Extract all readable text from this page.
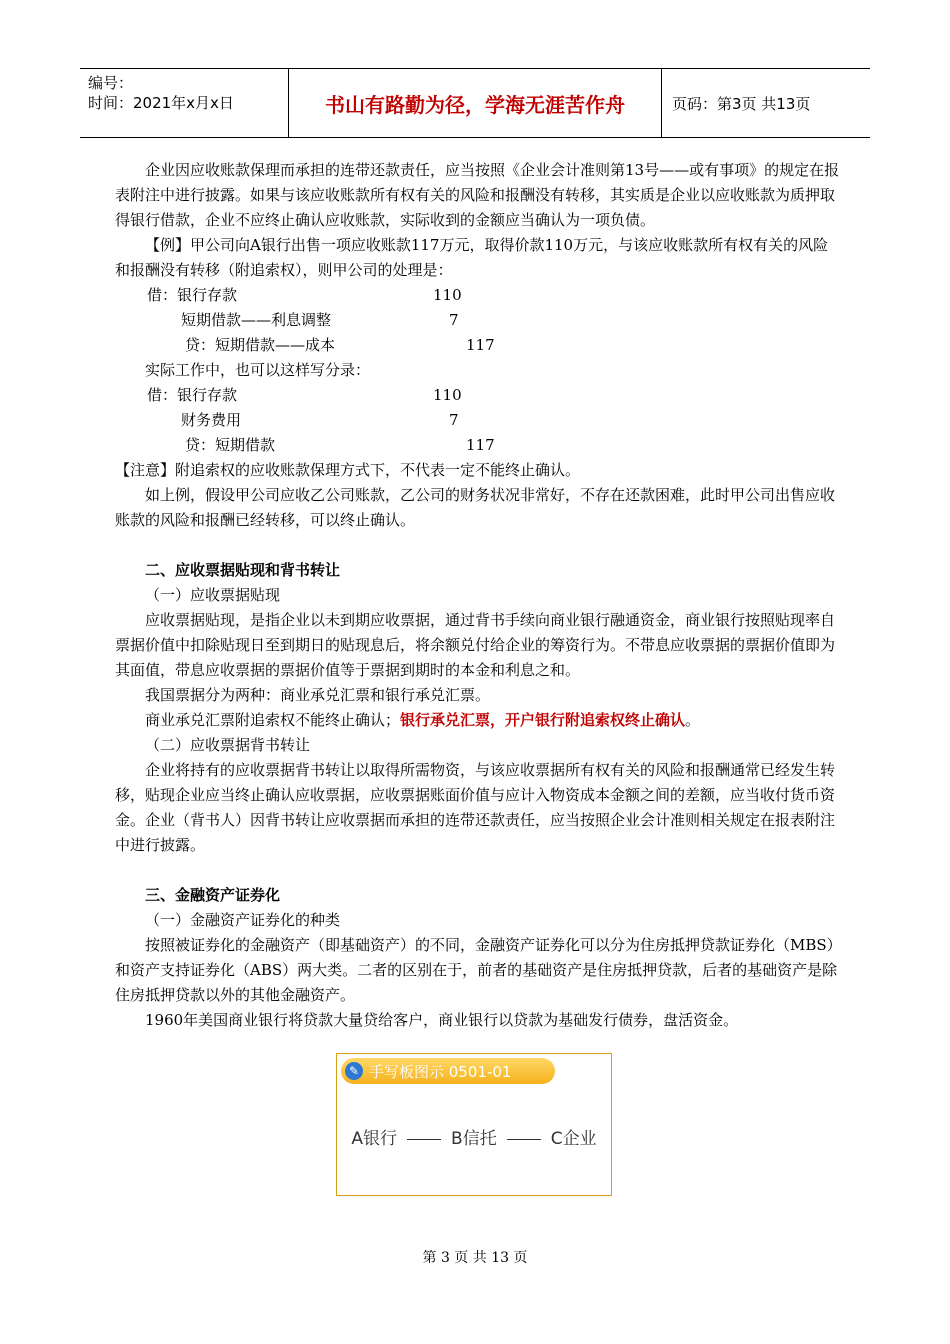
编号：
时间：2021年x月x日	书山有路勤为径，学海无涯苦作舟	页码：第3页 共13页

企业因应收账款保理而承担的连带还款责任，应当按照《企业会计准则第13号——或有事项》的规定在报表附注中进行披露。如果与该应收账款所有权有关的风险和报酬没有转移，其实质是企业以应收账款为质押取得银行借款，企业不应终止确认应收账款，实际收到的金额应当确认为一项负债。

【例】甲公司向A银行出售一项应收账款117万元，取得价款110万元，与该应收账款所有权有关的风险和报酬没有转移（附追索权），则甲公司的处理是：

借：银行存款	110
短期借款——利息调整	7
贷：短期借款——成本	117

实际工作中，也可以这样写分录：

借：银行存款	110
财务费用	7
贷：短期借款	117

【注意】附追索权的应收账款保理方式下，不代表一定不能终止确认。

如上例，假设甲公司应收乙公司账款，乙公司的财务状况非常好，不存在还款困难，此时甲公司出售应收账款的风险和报酬已经转移，可以终止确认。

二、应收票据贴现和背书转让

（一）应收票据贴现

应收票据贴现，是指企业以未到期应收票据，通过背书手续向商业银行融通资金，商业银行按照贴现率自票据价值中扣除贴现日至到期日的贴现息后，将余额兑付给企业的筹资行为。不带息应收票据的票据价值即为其面值，带息应收票据的票据价值等于票据到期时的本金和利息之和。

我国票据分为两种：商业承兑汇票和银行承兑汇票。

商业承兑汇票附追索权不能终止确认；银行承兑汇票，开户银行附追索权终止确认。

（二）应收票据背书转让

企业将持有的应收票据背书转让以取得所需物资，与该应收票据所有权有关的风险和报酬通常已经发生转移，贴现企业应当终止确认应收票据，应收票据账面价值与应计入物资成本金额之间的差额，应当收付货币资金。企业（背书人）因背书转让应收票据而承担的连带还款责任，应当按照企业会计准则相关规定在报表附注中进行披露。

三、金融资产证券化

（一）金融资产证券化的种类

按照被证券化的金融资产（即基础资产）的不同，金融资产证券化可以分为住房抵押贷款证券化（MBS）和资产支持证券化（ABS）两大类。二者的区别在于，前者的基础资产是住房抵押贷款，后者的基础资产是除住房抵押贷款以外的其他金融资产。

1960年美国商业银行将贷款大量贷给客户，商业银行以贷款为基础发行债券，盘活资金。

✎ 手写板图示 0501-01
A银行	B信托	C企业
第 3 页 共 13 页
